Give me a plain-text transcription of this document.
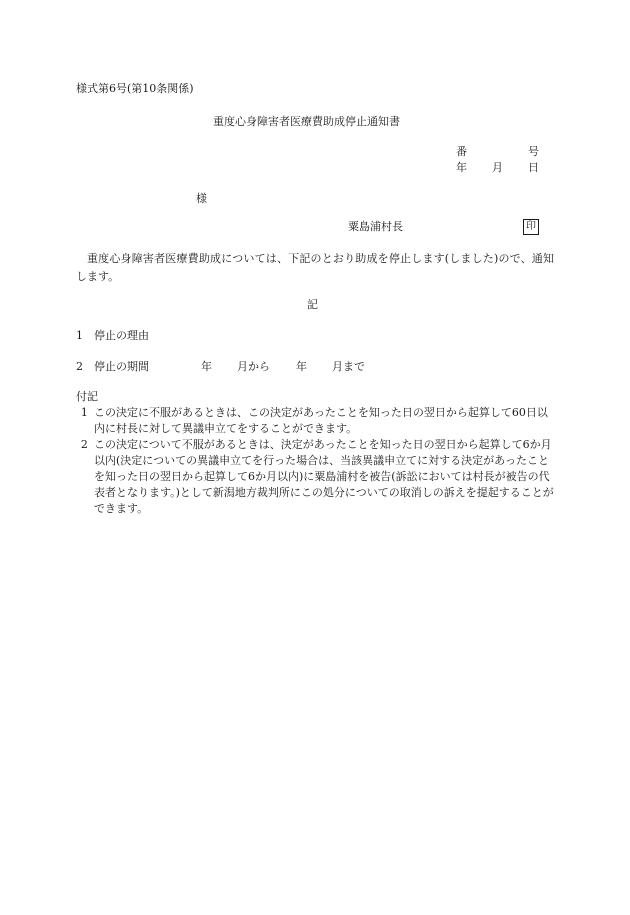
様式第6号(第10条関係)
重度心身障害者医療費助成停止通知書
番	号
年 月 日
様
粟島浦村長	印
重度心身障害者医療費助成については、下記のとおり助成を停止します(しました)ので、通知します。
記
1 停止の理由
2 停止の期間	年 月から 年 月まで
付記
1 この決定に不服があるときは、この決定があったことを知った日の翌日から起算して60日以内に村長に対して異議申立てをすることができます。
2 この決定について不服があるときは、決定があったことを知った日の翌日から起算して6か月以内(決定についての異議申立てを行った場合は、当該異議申立てに対する決定があったことを知った日の翌日から起算して6か月以内)に粟島浦村を被告(訴訟においては村長が被告の代表者となります。)として新潟地方裁判所にこの処分についての取消しの訴えを提起することができます。
